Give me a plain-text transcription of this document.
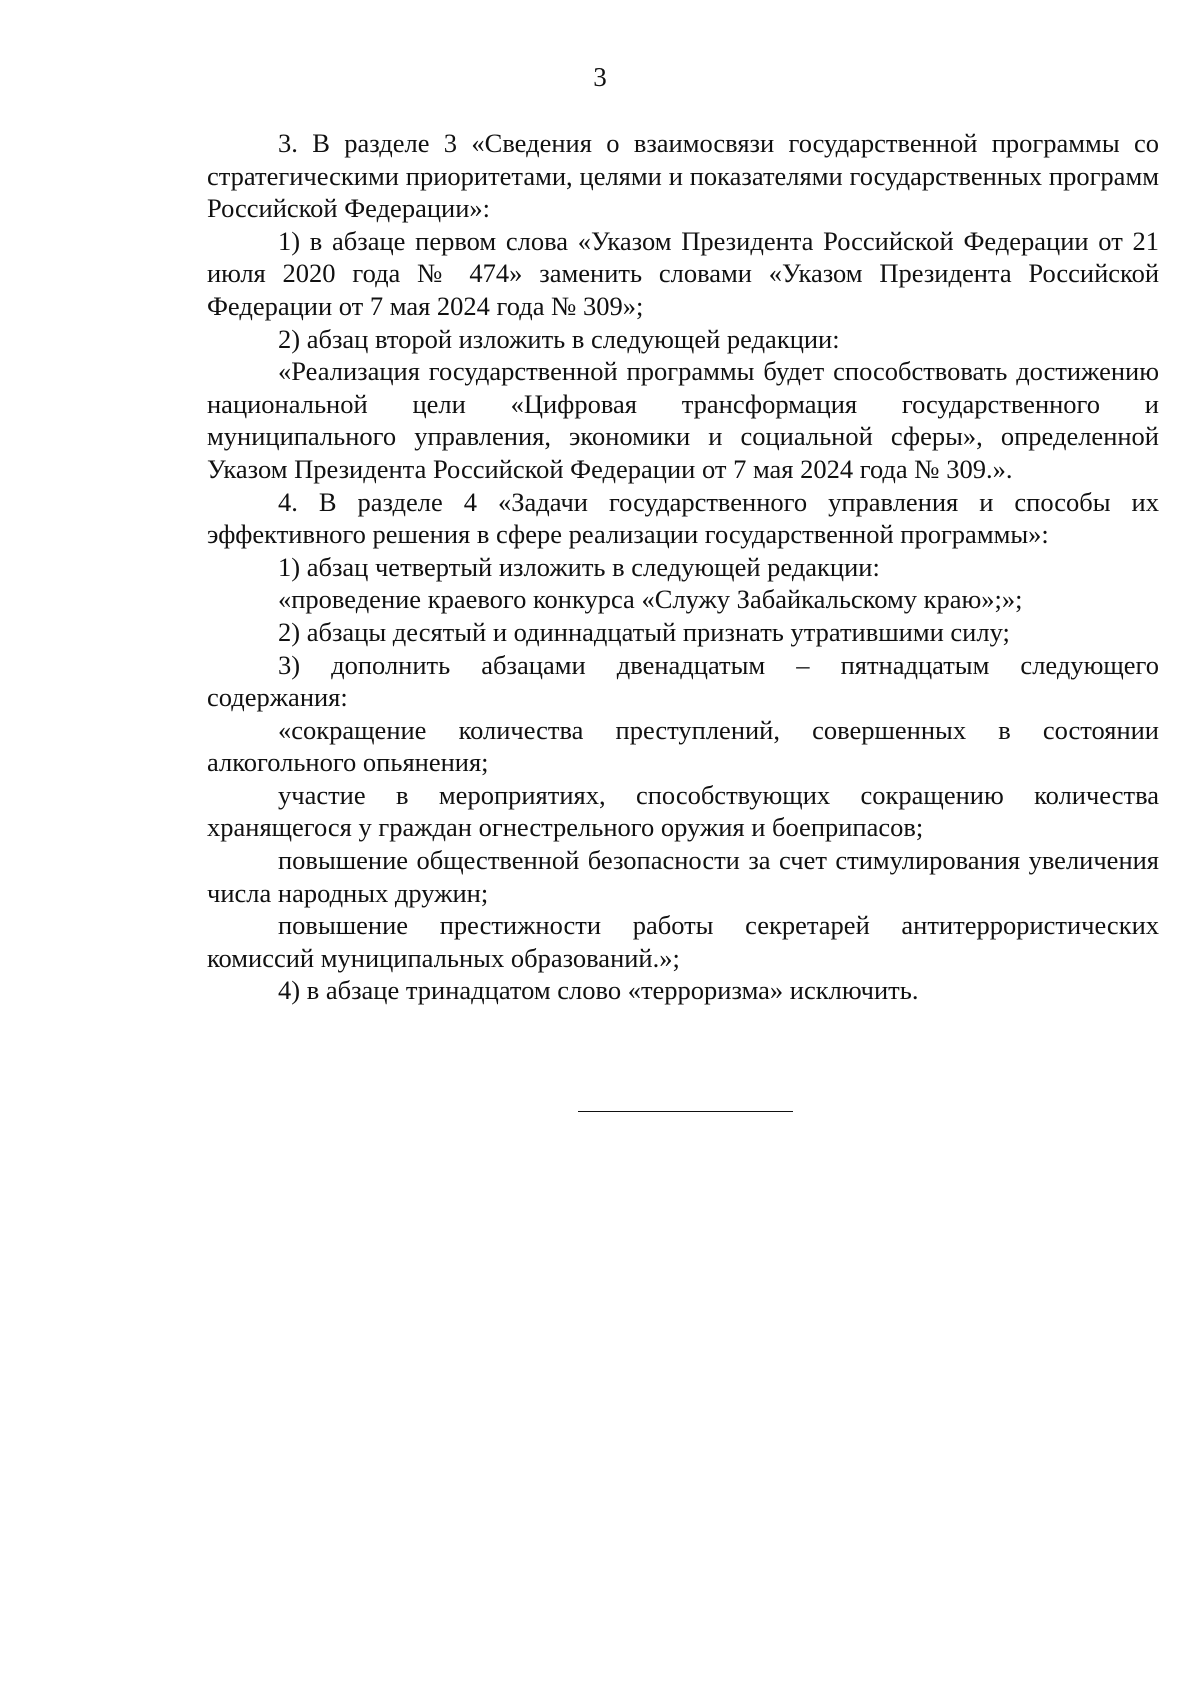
3

3. В разделе 3 «Сведения о взаимосвязи государственной программы со стратегическими приоритетами, целями и показателями государственных программ Российской Федерации»:

1) в абзаце первом слова «Указом Президента Российской Федерации от 21 июля 2020 года № 474» заменить словами «Указом Президента Российской Федерации от 7 мая 2024 года № 309»;

2) абзац второй изложить в следующей редакции:

«Реализация государственной программы будет способствовать достижению национальной цели «Цифровая трансформация государственного и муниципального управления, экономики и социальной сферы», определенной Указом Президента Российской Федерации от 7 мая 2024 года № 309.».

4. В разделе 4 «Задачи государственного управления и способы их эффективного решения в сфере реализации государственной программы»:

1) абзац четвертый изложить в следующей редакции:

«проведение краевого конкурса «Служу Забайкальскому краю»;»;

2) абзацы десятый и одиннадцатый признать утратившими силу;

3) дополнить абзацами двенадцатым – пятнадцатым следующего содержания:

«сокращение количества преступлений, совершенных в состоянии алкогольного опьянения;

участие в мероприятиях, способствующих сокращению количества хранящегося у граждан огнестрельного оружия и боеприпасов;

повышение общественной безопасности за счет стимулирования увеличения числа народных дружин;

повышение престижности работы секретарей антитеррористических комиссий муниципальных образований.»;

4) в абзаце тринадцатом слово «терроризма» исключить.
